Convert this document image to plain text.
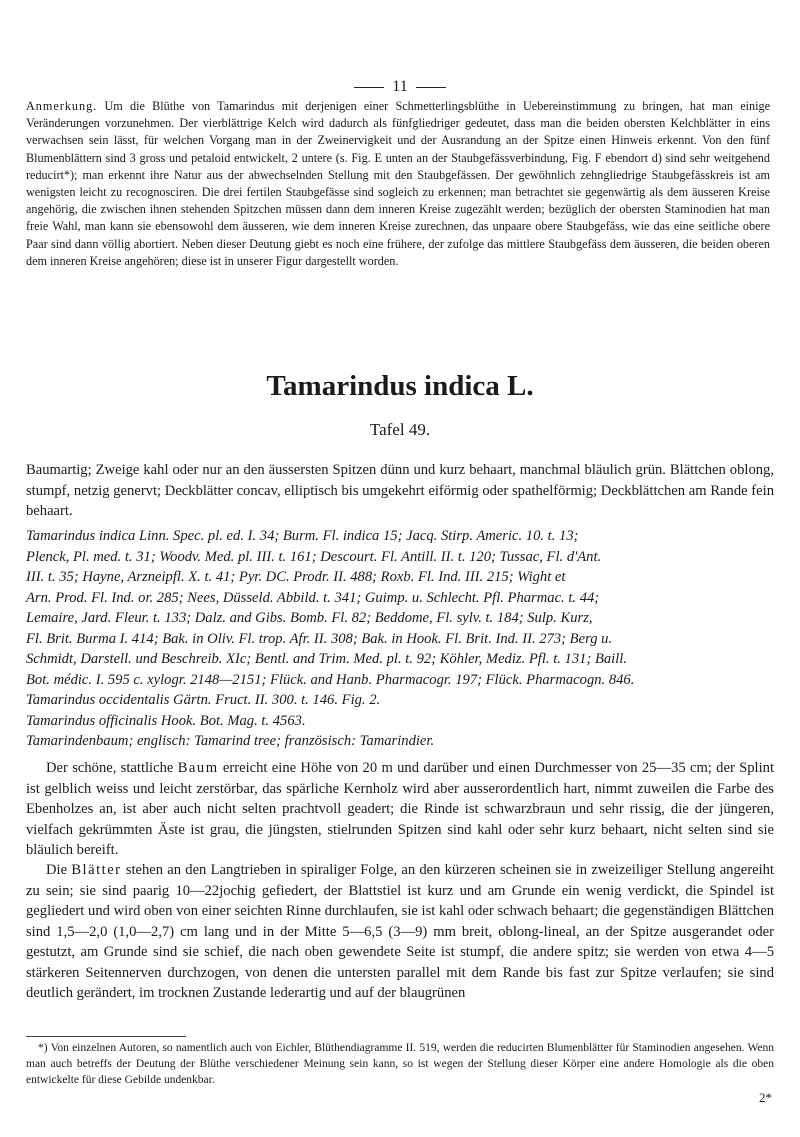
11
Anmerkung. Um die Blüthe von Tamarindus mit derjenigen einer Schmetterlingsblüthe in Uebereinstimmung zu bringen, hat man einige Veränderungen vorzunehmen. Der vierblättrige Kelch wird dadurch als fünfgliedriger gedeutet, dass man die beiden obersten Kelchblätter in eins verwachsen sein lässt, für welchen Vorgang man in der Zweinervigkeit und der Ausrandung an der Spitze einen Hinweis erkennt. Von den fünf Blumenblättern sind 3 gross und petaloid entwickelt, 2 untere (s. Fig. E unten an der Staubgefässverbindung, Fig. F ebendort d) sind sehr weitgehend reducirt*); man erkennt ihre Natur aus der abwechselnden Stellung mit den Staubgefässen. Der gewöhnlich zehngliedrige Staubgefässkreis ist am wenigsten leicht zu recognosciren. Die drei fertilen Staubgefässe sind sogleich zu erkennen; man betrachtet sie gegenwärtig als dem äusseren Kreise angehörig, die zwischen ihnen stehenden Spitzchen müssen dann dem inneren Kreise zugezählt werden; bezüglich der obersten Staminodien hat man freie Wahl, man kann sie ebensowohl dem äusseren, wie dem inneren Kreise zurechnen, das unpaare obere Staubgefäss, wie das eine seitliche obere Paar sind dann völlig abortiert. Neben dieser Deutung giebt es noch eine frühere, der zufolge das mittlere Staubgefäss dem äusseren, die beiden oberen dem inneren Kreise angehören; diese ist in unserer Figur dargestellt worden.
Tamarindus indica L.
Tafel 49.
Baumartig; Zweige kahl oder nur an den äussersten Spitzen dünn und kurz behaart, manchmal bläulich grün. Blättchen oblong, stumpf, netzig genervt; Deckblätter concav, elliptisch bis umgekehrt eiförmig oder spathelförmig; Deckblättchen am Rande fein behaart.
Tamarindus indica Linn. Spec. pl. ed. I. 34; Burm. Fl. indica 15; Jacq. Stirp. Americ. 10. t. 13;
Plenck, Pl. med. t. 31; Woodv. Med. pl. III. t. 161; Descourt. Fl. Antill. II. t. 120; Tussac, Fl. d'Ant.
III. t. 35; Hayne, Arzneipfl. X. t. 41; Pyr. DC. Prodr. II. 488; Roxb. Fl. Ind. III. 215; Wight et
Arn. Prod. Fl. Ind. or. 285; Nees, Düsseld. Abbild. t. 341; Guimp. u. Schlecht. Pfl. Pharmac. t. 44;
Lemaire, Jard. Fleur. t. 133; Dalz. and Gibs. Bomb. Fl. 82; Beddome, Fl. sylv. t. 184; Sulp. Kurz,
Fl. Brit. Burma I. 414; Bak. in Oliv. Fl. trop. Afr. II. 308; Bak. in Hook. Fl. Brit. Ind. II. 273; Berg u.
Schmidt, Darstell. und Beschreib. XIc; Bentl. and Trim. Med. pl. t. 92; Köhler, Mediz. Pfl. t. 131; Baill.
Bot. médic. I. 595 c. xylogr. 2148—2151; Flück. and Hanb. Pharmacogr. 197; Flück. Pharmacogn. 846.
Tamarindus occidentalis Gärtn. Fruct. II. 300. t. 146. Fig. 2.
Tamarindus officinalis Hook. Bot. Mag. t. 4563.
Tamarindenbaum; englisch: Tamarind tree; französisch: Tamarindier.
Der schöne, stattliche Baum erreicht eine Höhe von 20 m und darüber und einen Durchmesser von 25—35 cm; der Splint ist gelblich weiss und leicht zerstörbar, das spärliche Kernholz wird aber ausserordentlich hart, nimmt zuweilen die Farbe des Ebenholzes an, ist aber auch nicht selten prachtvoll geadert; die Rinde ist schwarzbraun und sehr rissig, die der jüngeren, vielfach gekrümmten Äste ist grau, die jüngsten, stielrunden Spitzen sind kahl oder sehr kurz behaart, nicht selten sind sie bläulich bereift.
Die Blätter stehen an den Langtrieben in spiraliger Folge, an den kürzeren scheinen sie in zweizeiliger Stellung angereiht zu sein; sie sind paarig 10—22jochig gefiedert, der Blattstiel ist kurz und am Grunde ein wenig verdickt, die Spindel ist gegliedert und wird oben von einer seichten Rinne durchlaufen, sie ist kahl oder schwach behaart; die gegenständigen Blättchen sind 1,5—2,0 (1,0—2,7) cm lang und in der Mitte 5—6,5 (3—9) mm breit, oblong-lineal, an der Spitze ausgerandet oder gestutzt, am Grunde sind sie schief, die nach oben gewendete Seite ist stumpf, die andere spitz; sie werden von etwa 4—5 stärkeren Seitennerven durchzogen, von denen die untersten parallel mit dem Rande bis fast zur Spitze verlaufen; sie sind deutlich gerändert, im trocknen Zustande lederartig und auf der blaugrünen
*) Von einzelnen Autoren, so namentlich auch von Eichler, Blüthendiagramme II. 519, werden die reducirten Blumenblätter für Staminodien angesehen. Wenn man auch betreffs der Deutung der Blüthe verschiedener Meinung sein kann, so ist wegen der Stellung dieser Körper eine andere Homologie als die oben entwickelte für diese Gebilde undenkbar.
2*
